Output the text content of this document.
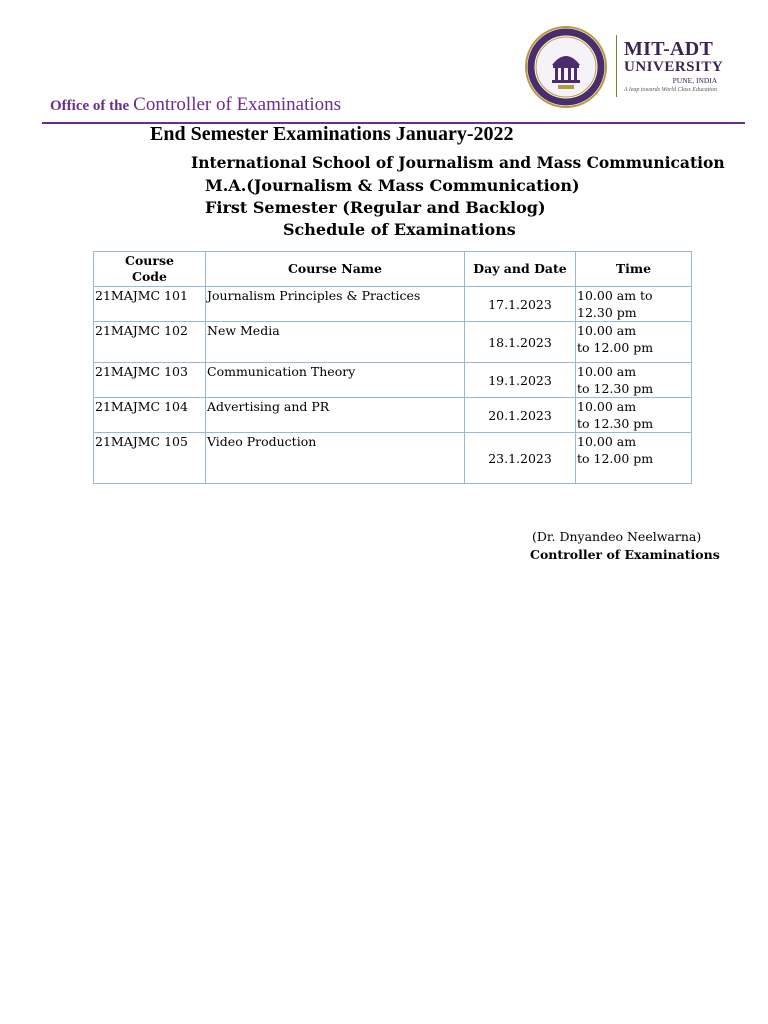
MIT-ADT
UNIVERSITY
PUNE, INDIA
A leap towards World Class Education
Office of the Controller of Examinations
End Semester Examinations January-2022
International School of Journalism and Mass Communication
M.A.(Journalism & Mass Communication)
First Semester (Regular and Backlog)
Schedule of Examinations
Course Code	Course Name	Day and Date	Time
21MAJMC 101	Journalism Principles & Practices	17.1.2023	10.00 am to
12.30 pm

21MAJMC 102	New Media	18.1.2023	10.00 am
to 12.00 pm

21MAJMC 103	Communication Theory	19.1.2023	10.00 am
to 12.30 pm

21MAJMC 104	Advertising and PR	20.1.2023	10.00 am
to 12.30 pm

21MAJMC 105	Video Production	23.1.2023	10.00 am
to 12.00 pm
(Dr. Dnyandeo Neelwarna)
Controller of Examinations
